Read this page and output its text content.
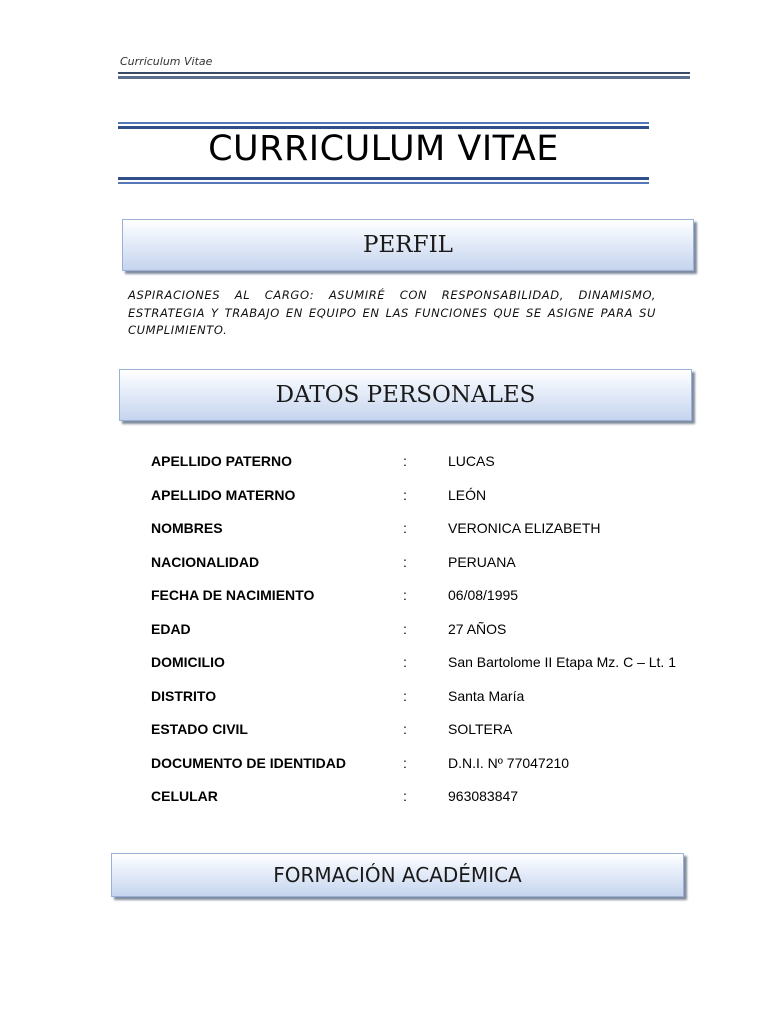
Curriculum Vitae
CURRICULUM VITAE
PERFIL
ASPIRACIONES AL CARGO: ASUMIRÉ CON RESPONSABILIDAD, DINAMISMO, ESTRATEGIA Y TRABAJO EN EQUIPO EN LAS FUNCIONES QUE SE ASIGNE PARA SU CUMPLIMIENTO.
DATOS PERSONALES
APELLIDO PATERNO	:	LUCAS
APELLIDO MATERNO	:	LEÓN
NOMBRES	:	VERONICA ELIZABETH
NACIONALIDAD	:	PERUANA
FECHA DE NACIMIENTO	:	06/08/1995
EDAD	:	27 AÑOS
DOMICILIO	:	San Bartolome II Etapa Mz. C – Lt. 1
DISTRITO	:	Santa María
ESTADO CIVIL	:	SOLTERA
DOCUMENTO DE IDENTIDAD	:	D.N.I. Nº 77047210
CELULAR	:	963083847
FORMACIÓN ACADÉMICA
